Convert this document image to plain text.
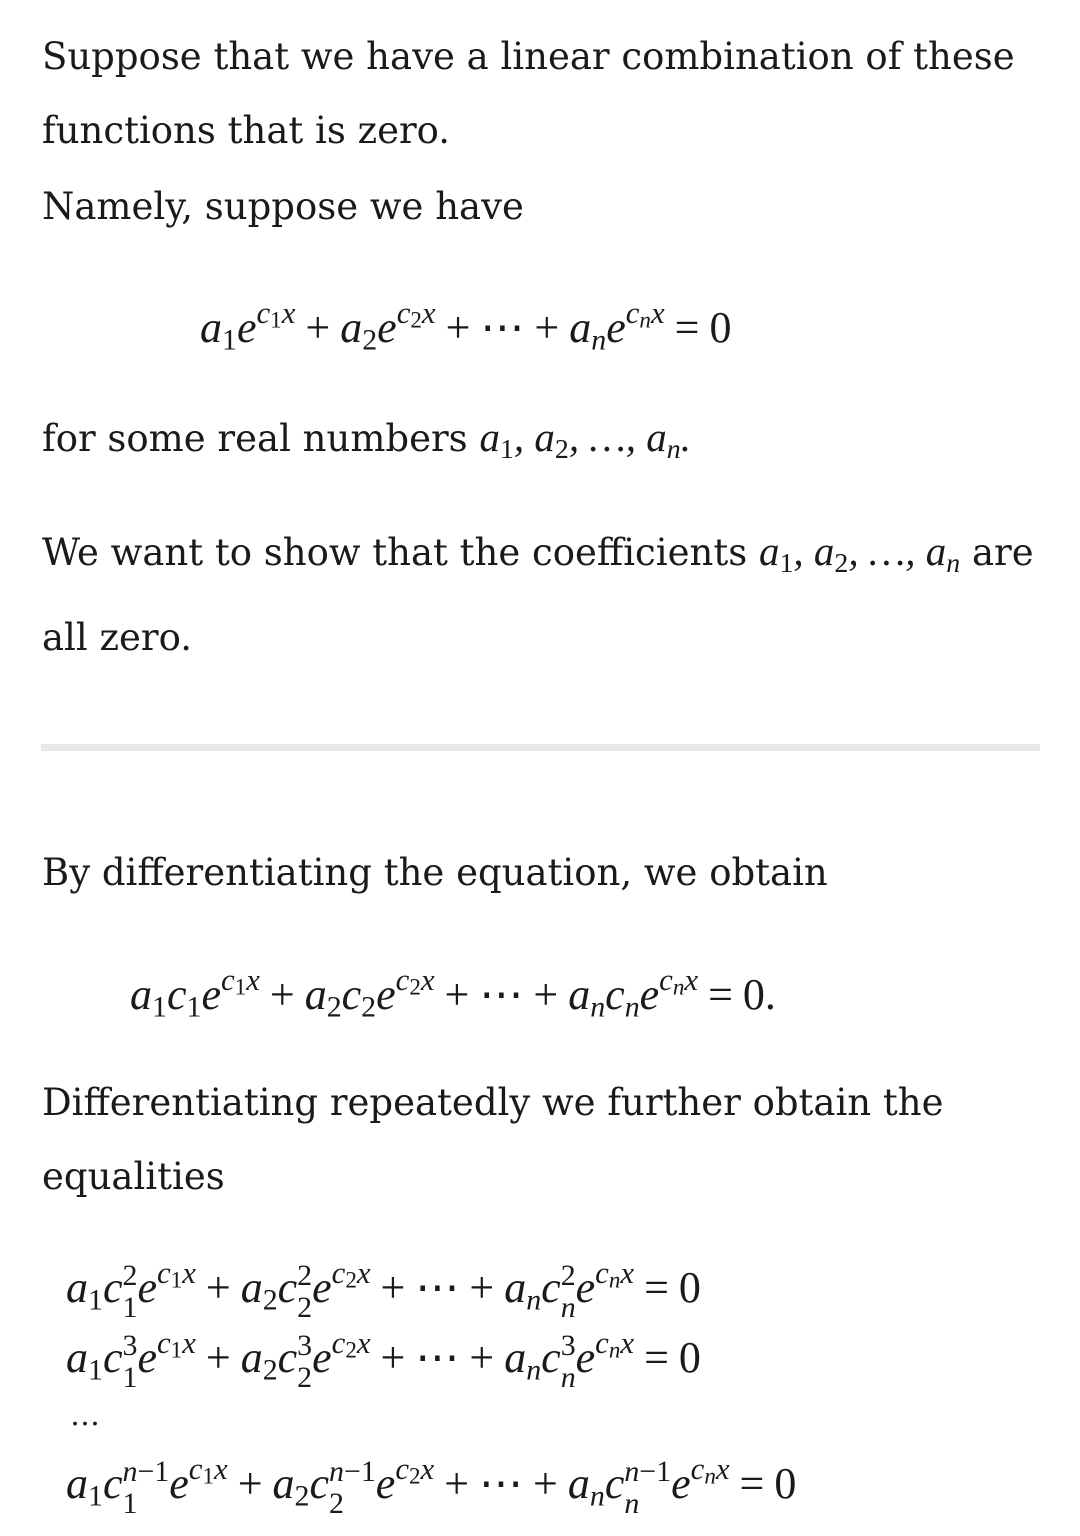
Suppose that we have a linear combination of these functions that is zero.

Namely, suppose we have

$a_1e^{c1x} + a_2e^{c2x}$ + ⋯ + ane$^{cnx}$ = 0

for some real numbers $a_1$, $a_2$, …, an.

We want to show that the coefficients $a_1$, $a_2$, …, an are all zero.

By differentiating the equation, we obtain

$a_1c_1e^{c1x} + a_2c_2e^{c2x}$ + ⋯ + ancne$^{cnx}$ = 0.

Differentiating repeatedly we further obtain the equalities

$a_1c$ 2
1 $e^{c1x} + a_2c$ 2
2 $e^{c2x}$ + ⋯ + anc 2
n $e^{cnx} = 0$
$a_1c$ 3
1 $e^{c1x} + a_2c$ 3
2 $e^{c2x}$ + ⋯ + anc 3
n $e^{cnx} = 0$
…
$a_1c$ n−1
1 $e^{c1x} + a_2c$ n−1
2 $e^{c2x}$ + ⋯ + anc n−1
n $e^{cnx} = 0$
